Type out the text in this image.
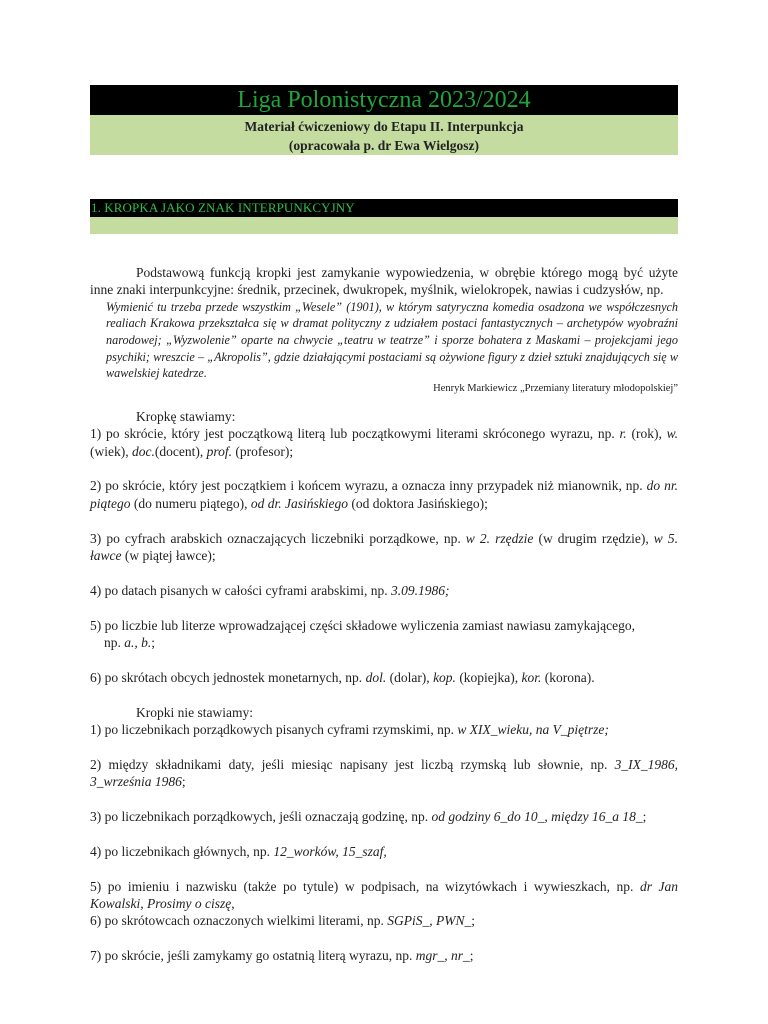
Liga Polonistyczna 2023/2024
Materiał ćwiczeniowy do Etapu II. Interpunkcja
(opracowała p. dr Ewa Wielgosz)
1. KROPKA JAKO ZNAK INTERPUNKCYJNY

Podstawową funkcją kropki jest zamykanie wypowiedzenia, w obrębie którego mogą być użyte inne znaki interpunkcyjne: średnik, przecinek, dwukropek, myślnik, wielokropek, nawias i cudzysłów, np.

Wymienić tu trzeba przede wszystkim „Wesele” (1901), w którym satyryczna komedia osadzona we współczesnych realiach Krakowa przekształca się w dramat polityczny z udziałem postaci fantastycznych – archetypów wyobraźni narodowej; „Wyzwolenie” oparte na chwycie „teatru w teatrze” i sporze bohatera z Maskami – projekcjami jego psychiki; wreszcie – „Akropolis”, gdzie działającymi postaciami są ożywione figury z dzieł sztuki znajdujących się w wawelskiej katedrze.

Henryk Markiewicz „Przemiany literatury młodopolskiej”

Kropkę stawiamy:

1) po skrócie, który jest początkową literą lub początkowymi literami skróconego wyrazu, np. r. (rok), w. (wiek), doc.(docent), prof. (profesor);

2) po skrócie, który jest początkiem i końcem wyrazu, a oznacza inny przypadek niż mianownik, np. do nr. piątego (do numeru piątego), od dr. Jasińskiego (od doktora Jasińskiego);

3) po cyfrach arabskich oznaczających liczebniki porządkowe, np. w 2. rzędzie (w drugim rzędzie), w 5. ławce (w piątej ławce);

4) po datach pisanych w całości cyframi arabskimi, np. 3.09.1986;

5) po liczbie lub literze wprowadzającej części składowe wyliczenia zamiast nawiasu zamykającego,

np. a., b.;

6) po skrótach obcych jednostek monetarnych, np. dol. (dolar), kop. (kopiejka), kor. (korona).

Kropki nie stawiamy:

1) po liczebnikach porządkowych pisanych cyframi rzymskimi, np. w XIX_wieku, na V_piętrze;

2) między składnikami daty, jeśli miesiąc napisany jest liczbą rzymską lub słownie, np. 3_IX_1986, 3_września 1986;

3) po liczebnikach porządkowych, jeśli oznaczają godzinę, np. od godziny 6_do 10_, między 16_a 18_;

4) po liczebnikach głównych, np. 12_worków, 15_szaf,

5) po imieniu i nazwisku (także po tytule) w podpisach, na wizytówkach i wywieszkach, np. dr Jan Kowalski, Prosimy o ciszę,

6) po skrótowcach oznaczonych wielkimi literami, np. SGPiS_, PWN_;

7) po skrócie, jeśli zamykamy go ostatnią literą wyrazu, np. mgr_, nr_;
